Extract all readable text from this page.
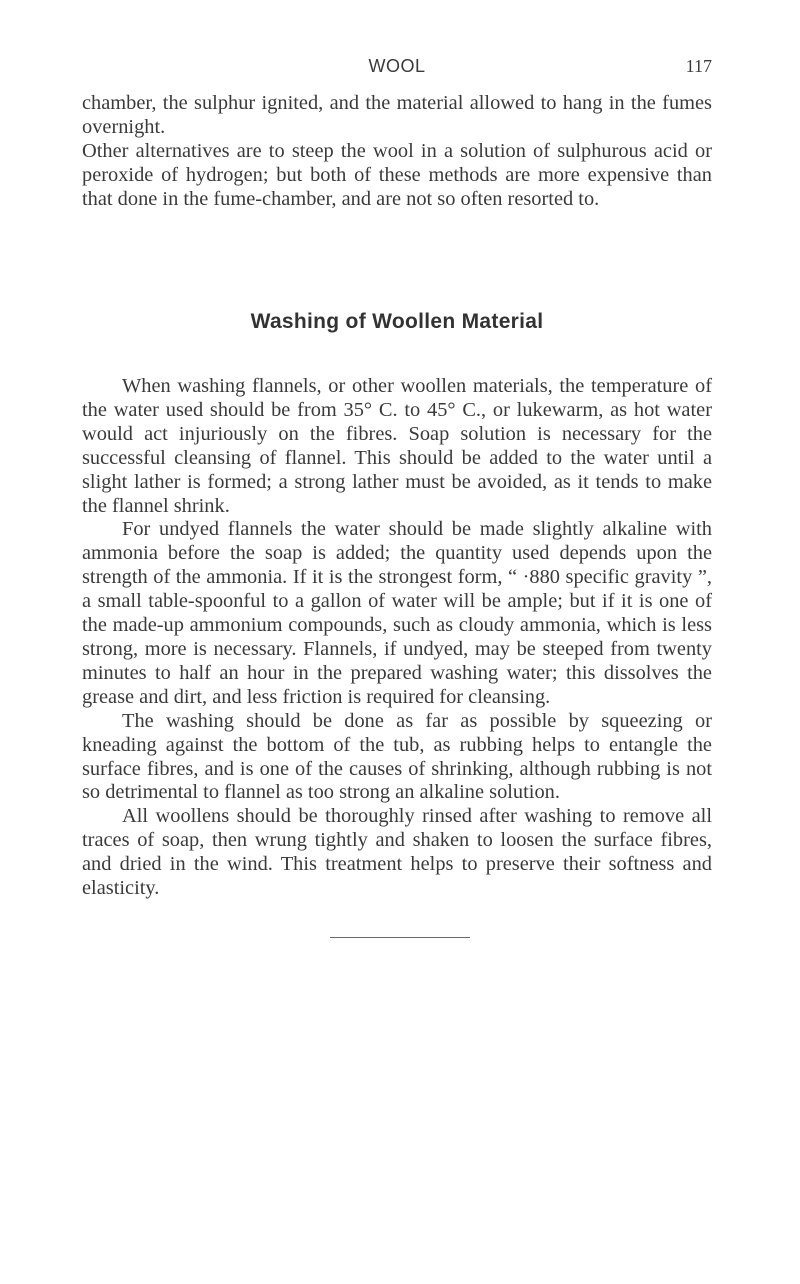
WOOL	117

chamber, the sulphur ignited, and the material allowed to hang in the fumes overnight.

Other alternatives are to steep the wool in a solution of sulphurous acid or peroxide of hydrogen; but both of these methods are more expensive than that done in the fume-chamber, and are not so often resorted to.

Washing of Woollen Material

When washing flannels, or other woollen materials, the temperature of the water used should be from 35° C. to 45° C., or lukewarm, as hot water would act injuriously on the fibres. Soap solution is necessary for the successful cleansing of flannel. This should be added to the water until a slight lather is formed; a strong lather must be avoided, as it tends to make the flannel shrink.

For undyed flannels the water should be made slightly alkaline with ammonia before the soap is added; the quantity used depends upon the strength of the ammonia. If it is the strongest form, “ ·880 specific gravity ”, a small table-spoonful to a gallon of water will be ample; but if it is one of the made-up ammonium compounds, such as cloudy ammonia, which is less strong, more is necessary. Flannels, if undyed, may be steeped from twenty minutes to half an hour in the prepared washing water; this dissolves the grease and dirt, and less friction is required for cleansing.

The washing should be done as far as possible by squeezing or kneading against the bottom of the tub, as rubbing helps to entangle the surface fibres, and is one of the causes of shrinking, although rubbing is not so detrimental to flannel as too strong an alkaline solution.

All woollens should be thoroughly rinsed after washing to remove all traces of soap, then wrung tightly and shaken to loosen the surface fibres, and dried in the wind. This treatment helps to preserve their softness and elasticity.
